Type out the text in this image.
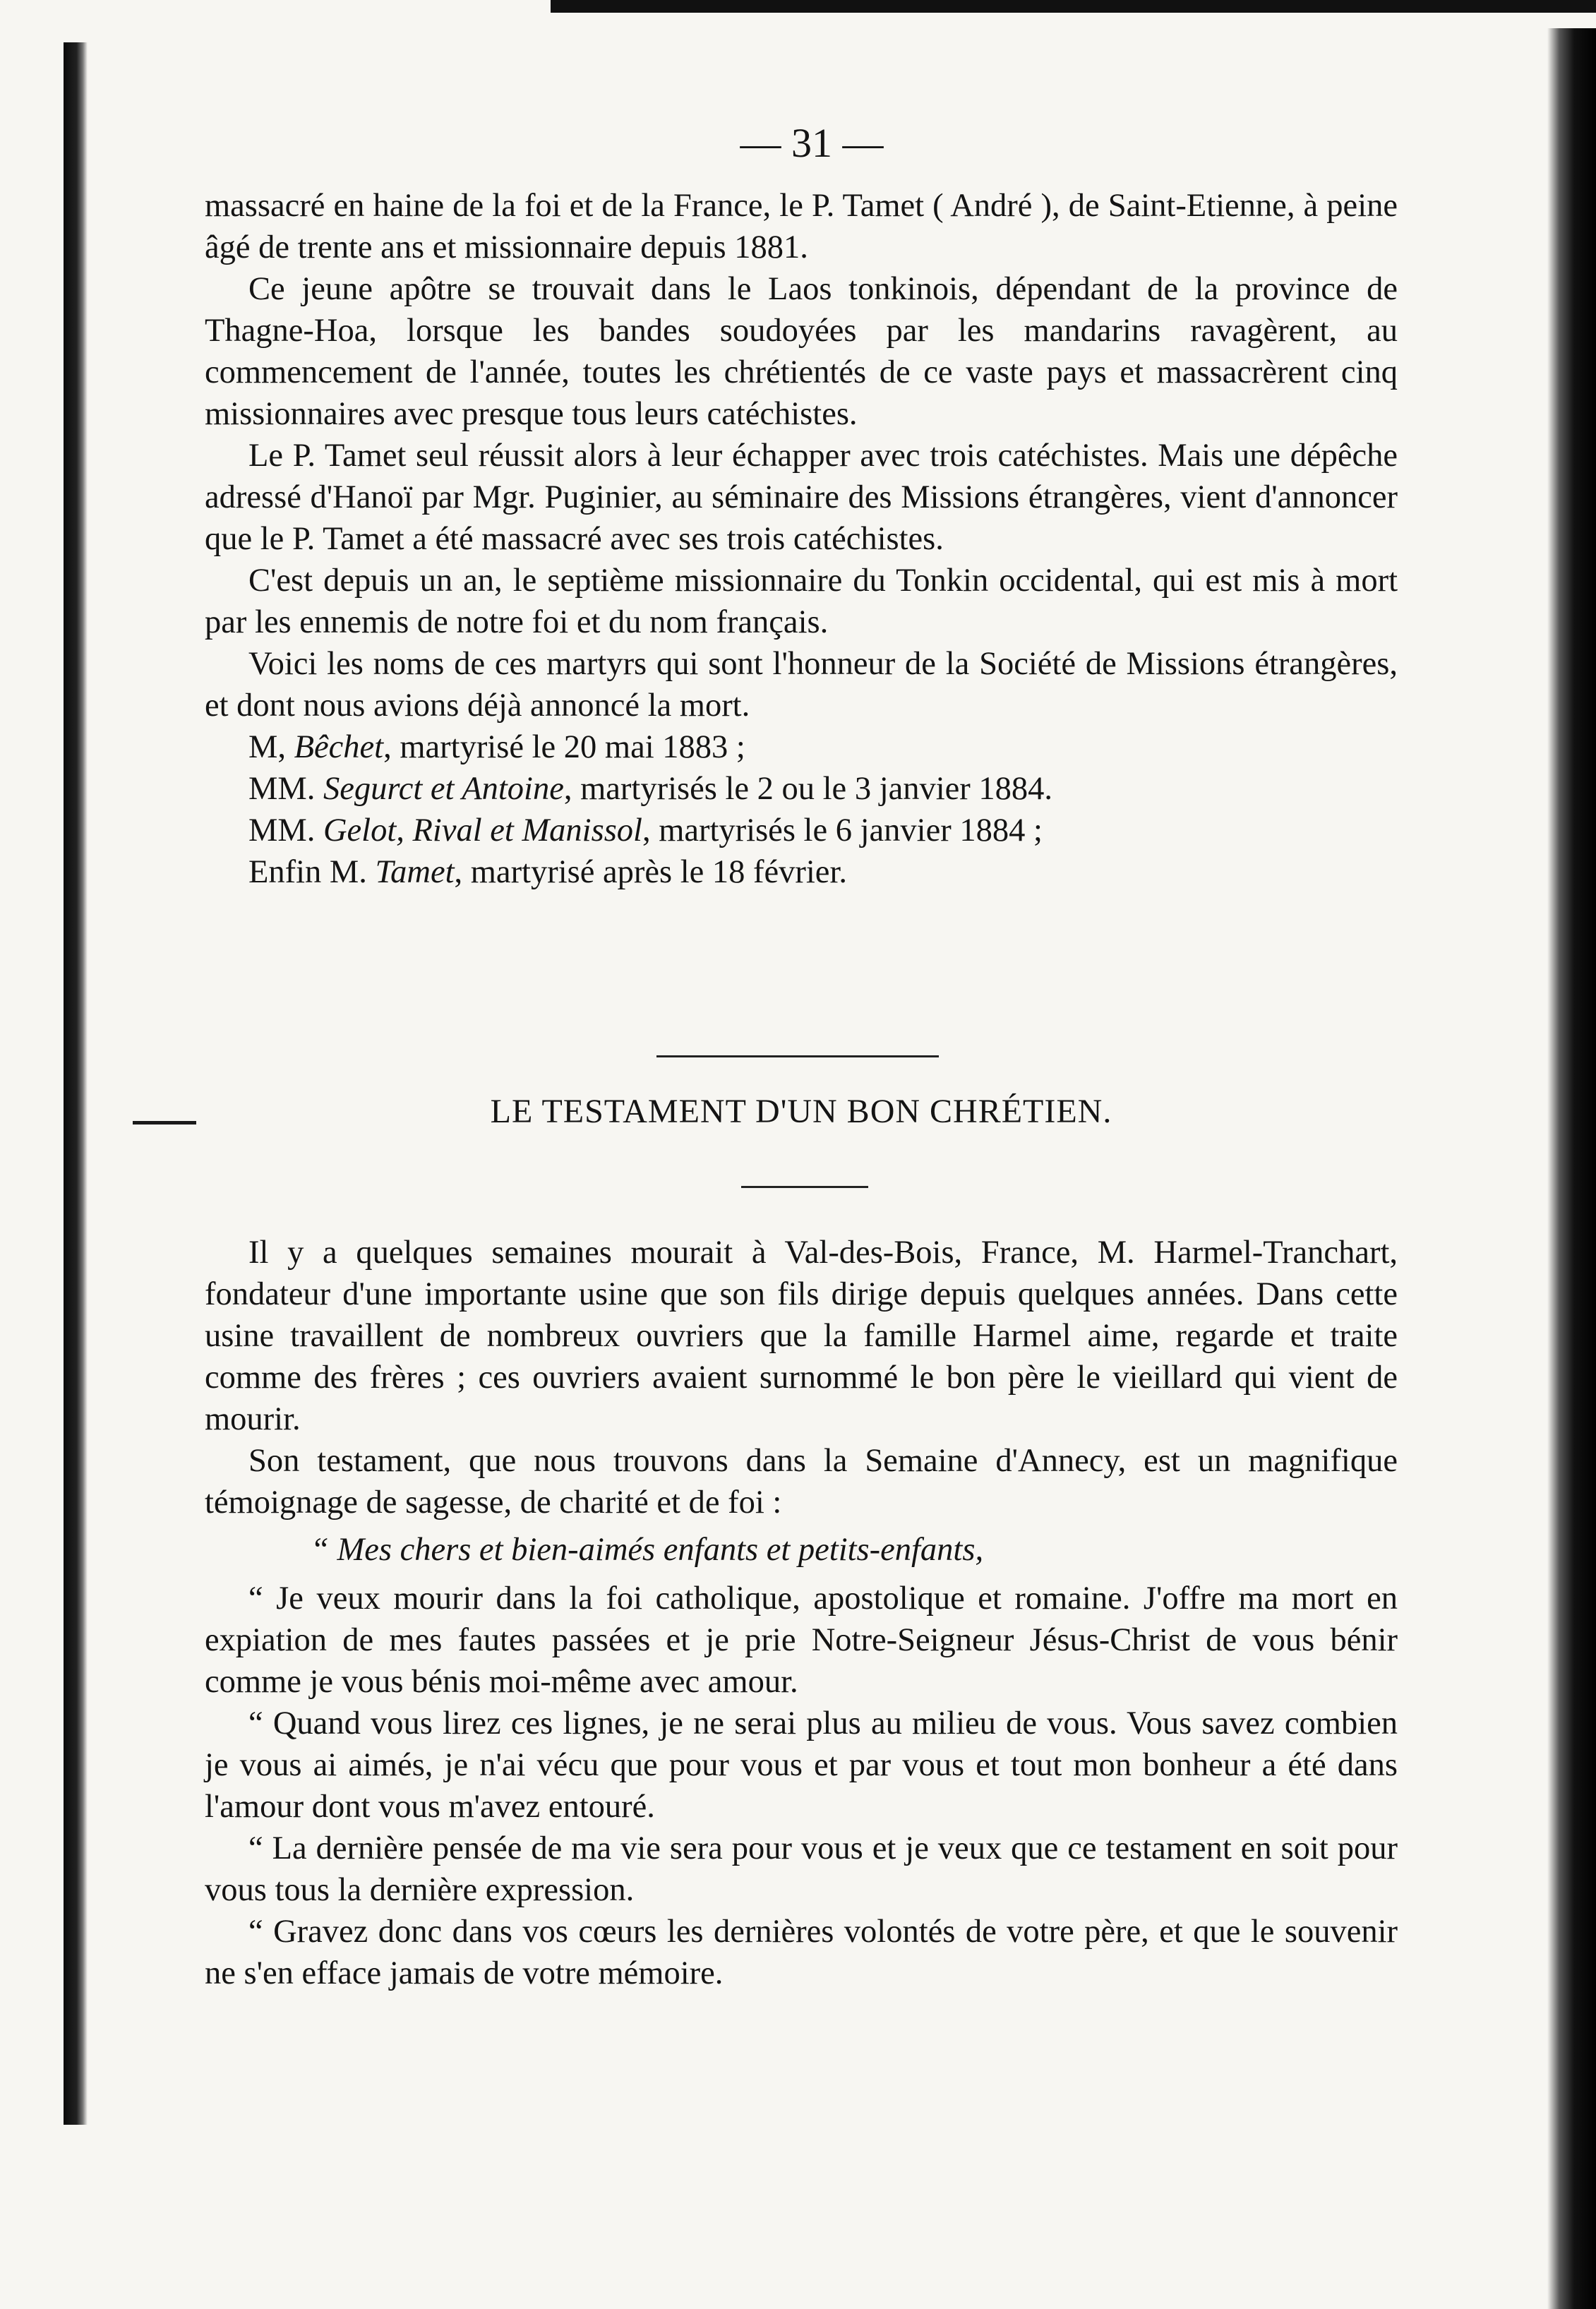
— 31 —

massacré en haine de la foi et de la France, le P. Tamet ( André ), de Saint-Etienne, à peine âgé de trente ans et missionnaire depuis 1881.

Ce jeune apôtre se trouvait dans le Laos tonkinois, dépendant de la province de Thagne-Hoa, lorsque les bandes soudoyées par les mandarins ravagèrent, au commencement de l'année, toutes les chrétientés de ce vaste pays et massacrèrent cinq missionnaires avec presque tous leurs catéchistes.

Le P. Tamet seul réussit alors à leur échapper avec trois catéchistes. Mais une dépêche adressé d'Hanoï par Mgr. Puginier, au séminaire des Missions étrangères, vient d'annoncer que le P. Tamet a été massacré avec ses trois catéchistes.

C'est depuis un an, le septième missionnaire du Tonkin occidental, qui est mis à mort par les ennemis de notre foi et du nom français.

Voici les noms de ces martyrs qui sont l'honneur de la Société de Missions étrangères, et dont nous avions déjà annoncé la mort.

M, Bêchet, martyrisé le 20 mai 1883 ;
MM. Segurct et Antoine, martyrisés le 2 ou le 3 janvier 1884.
MM. Gelot, Rival et Manissol, martyrisés le 6 janvier 1884 ;
Enfin M. Tamet, martyrisé après le 18 février.
LE TESTAMENT D'UN BON CHRÉTIEN.

Il y a quelques semaines mourait à Val-des-Bois, France, M. Harmel-Tranchart, fondateur d'une importante usine que son fils dirige depuis quelques années. Dans cette usine travaillent de nombreux ouvriers que la famille Harmel aime, regarde et traite comme des frères ; ces ouvriers avaient surnommé le bon père le vieillard qui vient de mourir.

Son testament, que nous trouvons dans la Semaine d'Annecy, est un magnifique témoignage de sagesse, de charité et de foi :

“ Mes chers et bien-aimés enfants et petits-enfants,

“ Je veux mourir dans la foi catholique, apostolique et romaine. J'offre ma mort en expiation de mes fautes passées et je prie Notre-Seigneur Jésus-Christ de vous bénir comme je vous bénis moi-même avec amour.

“ Quand vous lirez ces lignes, je ne serai plus au milieu de vous. Vous savez combien je vous ai aimés, je n'ai vécu que pour vous et par vous et tout mon bonheur a été dans l'amour dont vous m'avez entouré.

“ La dernière pensée de ma vie sera pour vous et je veux que ce testament en soit pour vous tous la dernière expression.

“ Gravez donc dans vos cœurs les dernières volontés de votre père, et que le souvenir ne s'en efface jamais de votre mémoire.
